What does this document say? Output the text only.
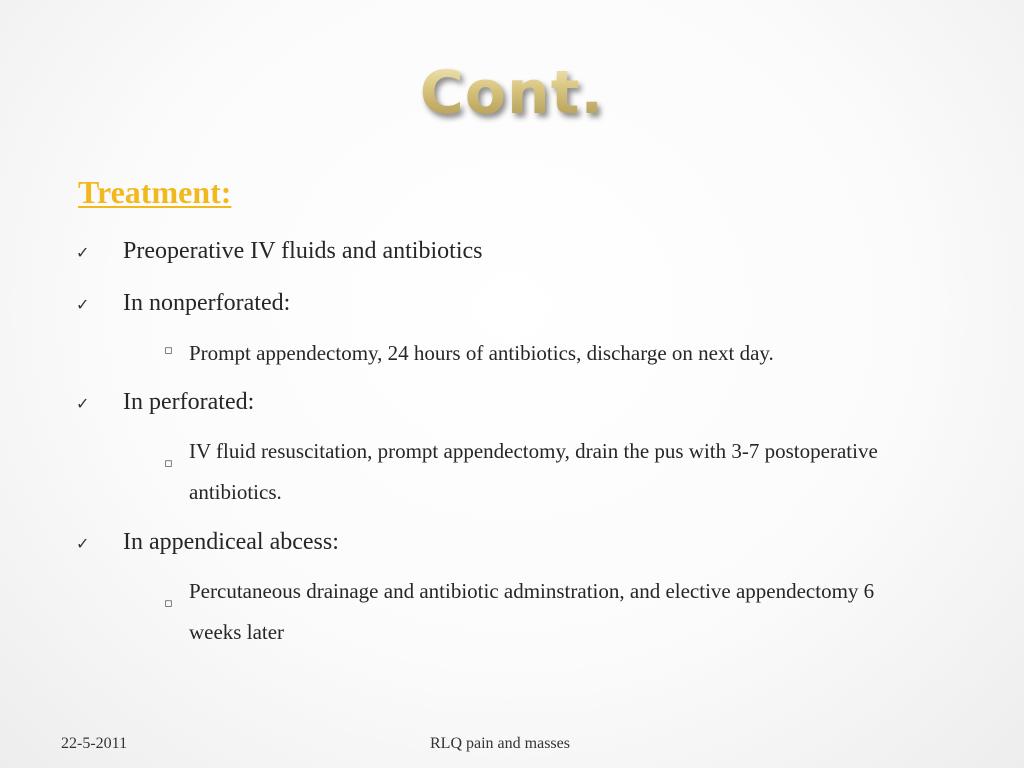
Cont.
Treatment:
✓ Preoperative IV fluids and antibiotics
✓ In nonperforated:
▫ Prompt appendectomy, 24 hours of antibiotics, discharge on next day.
✓ In perforated:
▫
IV fluid resuscitation, prompt appendectomy, drain the pus with 3-7 postoperative antibiotics.
✓ In appendiceal abcess:
▫
Percutaneous drainage and antibiotic adminstration, and elective appendectomy 6 weeks later
22-5-2011	RLQ pain and masses
